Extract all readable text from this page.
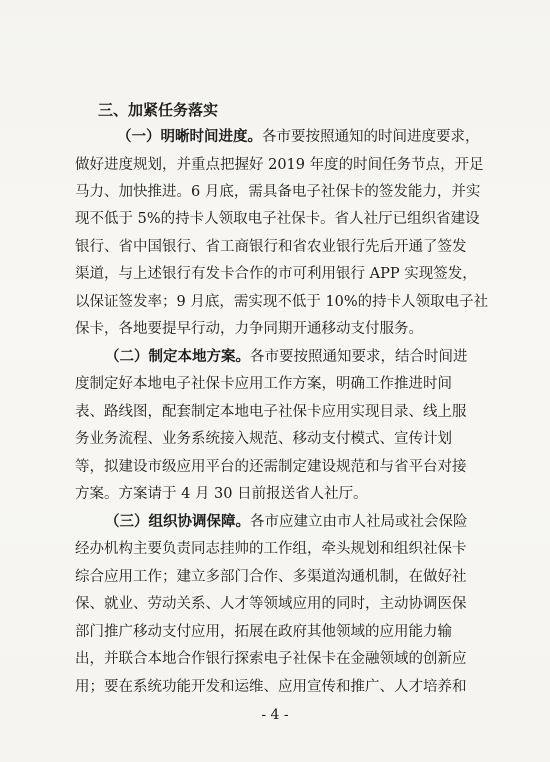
三、加紧任务落实
（一）明晰时间进度。各市要按照通知的时间进度要求，
做好进度规划，并重点把握好 2019 年度的时间任务节点，开足
马力、加快推进。6 月底，需具备电子社保卡的签发能力，并实
现不低于 5%的持卡人领取电子社保卡。省人社厅已组织省建设
银行、省中国银行、省工商银行和省农业银行先后开通了签发
渠道，与上述银行有发卡合作的市可利用银行 APP 实现签发，
以保证签发率；9 月底，需实现不低于 10%的持卡人领取电子社
保卡，各地要提早行动，力争同期开通移动支付服务。
（二）制定本地方案。各市要按照通知要求，结合时间进
度制定好本地电子社保卡应用工作方案，明确工作推进时间
表、路线图，配套制定本地电子社保卡应用实现目录、线上服
务业务流程、业务系统接入规范、移动支付模式、宣传计划
等，拟建设市级应用平台的还需制定建设规范和与省平台对接
方案。方案请于 4 月 30 日前报送省人社厅。
（三）组织协调保障。各市应建立由市人社局或社会保险
经办机构主要负责同志挂帅的工作组，牵头规划和组织社保卡
综合应用工作；建立多部门合作、多渠道沟通机制，在做好社
保、就业、劳动关系、人才等领域应用的同时，主动协调医保
部门推广移动支付应用，拓展在政府其他领域的应用能力输
出，并联合本地合作银行探索电子社保卡在金融领域的创新应
用；要在系统功能开发和运维、应用宣传和推广、人才培养和
- 4 -
